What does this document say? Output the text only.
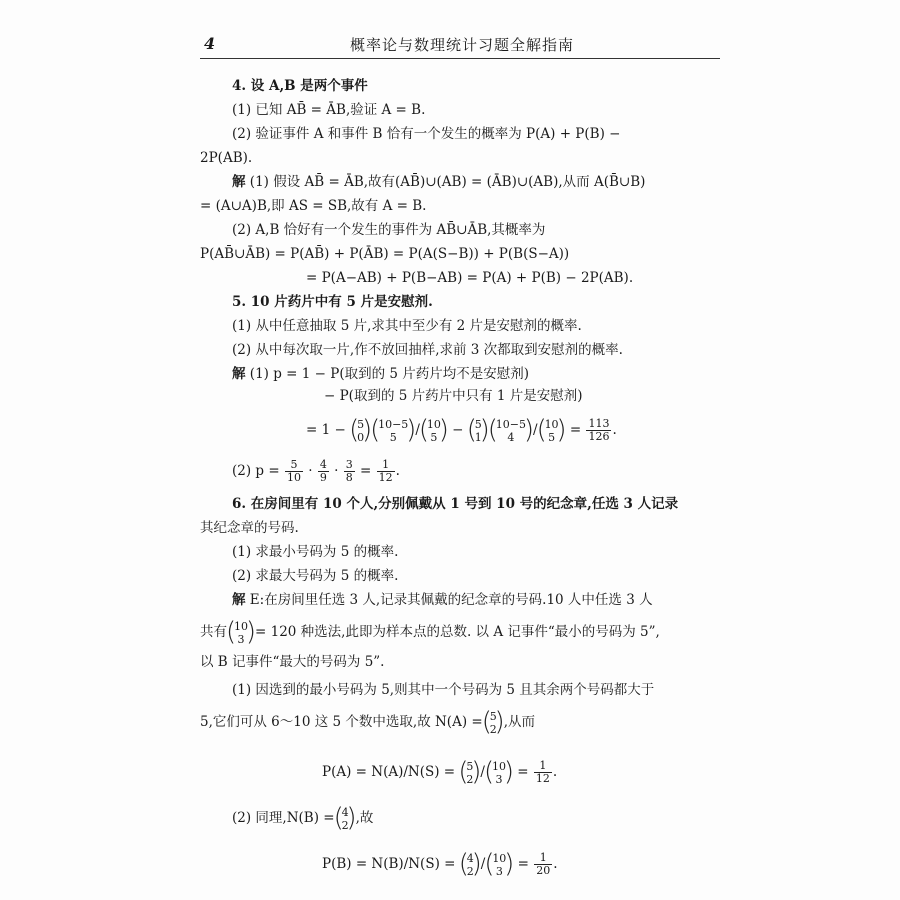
4	概率论与数理统计习题全解指南
4. 设 A,B 是两个事件
(1) 已知 AB̄ = ĀB,验证 A = B.
(2) 验证事件 A 和事件 B 恰有一个发生的概率为 P(A) + P(B) −
2P(AB).
解 (1) 假设 AB̄ = ĀB,故有(AB̄)∪(AB) = (ĀB)∪(AB),从而 A(B̄∪B)
= (A∪A)B,即 AS = SB,故有 A = B.
(2) A,B 恰好有一个发生的事件为 AB̄∪ĀB,其概率为
P(AB̄∪ĀB) = P(AB̄) + P(ĀB) = P(A(S−B)) + P(B(S−A))
= P(A−AB) + P(B−AB) = P(A) + P(B) − 2P(AB).
5. 10 片药片中有 5 片是安慰剂.
(1) 从中任意抽取 5 片,求其中至少有 2 片是安慰剂的概率.
(2) 从中每次取一片,作不放回抽样,求前 3 次都取到安慰剂的概率.
解 (1) p = 1 − P(取到的 5 片药片均不是安慰剂)
− P(取到的 5 片药片中只有 1 片是安慰剂)
= 1 − ( 5
0
)
( 10−5
5
)	/ ( 10
5
) − ( 5
1
)
( 10−5
4
)	/ ( 10
5
) = $\frac{113}{126}$ .
(2) $p = \frac{5}{10} \cdot \frac{4}{9} \cdot \frac{3}{8} = \frac{1}{12}$ .
6. 在房间里有 10 个人,分别佩戴从 1 号到 10 号的纪念章,任选 3 人记录
其纪念章的号码.
(1) 求最小号码为 5 的概率.
(2) 求最大号码为 5 的概率.
解 E:在房间里任选 3 人,记录其佩戴的纪念章的号码.10 人中任选 3 人
共有 ( 10
3
) = 120 种选法,此即为样本点的总数. 以 A 记事件“最小的号码为 5”,
以 B 记事件“最大的号码为 5”.
(1) 因选到的最小号码为 5,则其中一个号码为 5 且其余两个号码都大于
5,它们可从 6～10 这 5 个数中选取,故 N(A) = ( 5
2
) ,从而
P(A) = N(A)/N(S) = ( 5
2
) / ( 10
3
) = $\frac{1}{12}$ .
(2) 同理,N(B) = ( 4
2
) ,故
P(B) = N(B)/N(S) = ( 4
2
) / ( 10
3
) = $\frac{1}{20}$ .
